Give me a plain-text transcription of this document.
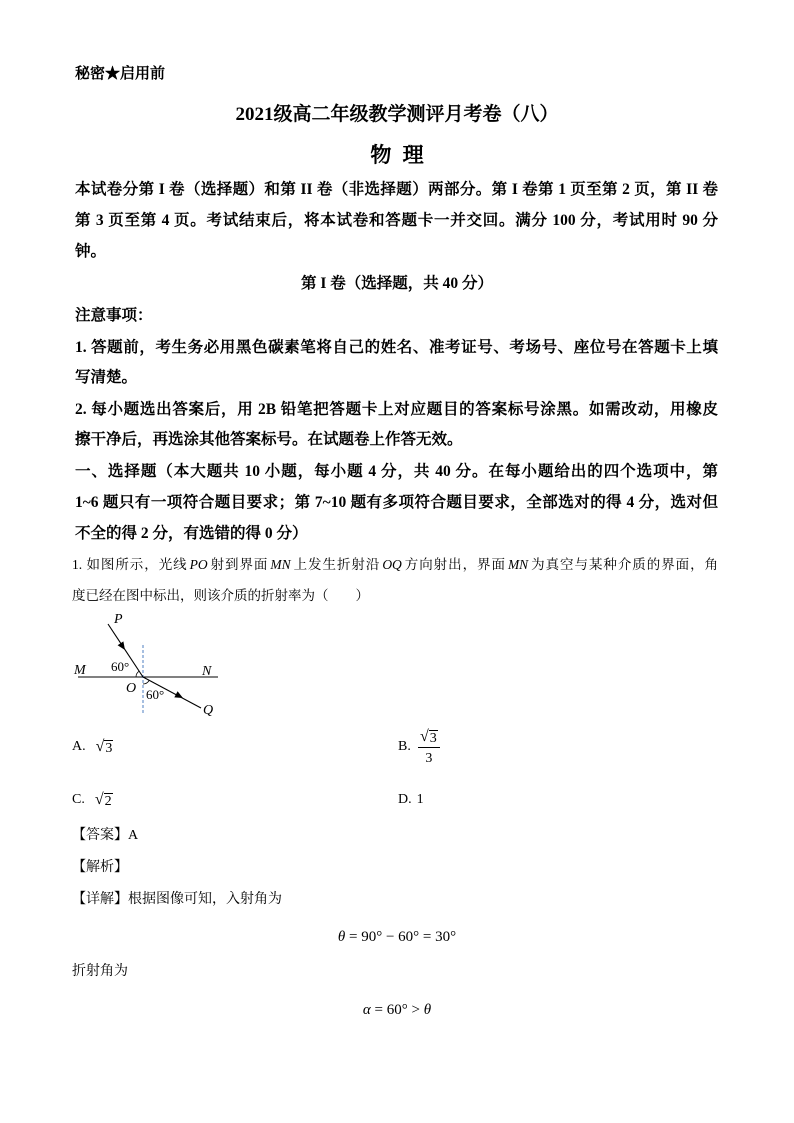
秘密★启用前
2021级高二年级教学测评月考卷（八）
物 理
本试卷分第 I 卷（选择题）和第 II 卷（非选择题）两部分。第 I 卷第 1 页至第 2 页，第 II 卷
第 3 页至第 4 页。考试结束后，将本试卷和答题卡一并交回。满分 100 分，考试用时 90 分
钟。
第 I 卷（选择题，共 40 分）
注意事项：
1. 答题前，考生务必用黑色碳素笔将自己的姓名、准考证号、考场号、座位号在答题卡上填
写清楚。
2. 每小题选出答案后，用 2B 铅笔把答题卡上对应题目的答案标号涂黑。如需改动，用橡皮
擦干净后，再选涂其他答案标号。在试题卷上作答无效。
一、选择题（本大题共 10 小题，每小题 4 分，共 40 分。在每小题给出的四个选项中，第
1~6 题只有一项符合题目要求；第 7~10 题有多项符合题目要求，全部选对的得 4 分，选对但
不全的得 2 分，有选错的得 0 分）
1. 如图所示，光线 PO 射到界面 MN 上发生折射沿 OQ 方向射出，界面 MN 为真空与某种介质的界面，角
度已经在图中标出，则该介质的折射率为（　　）
P
M 60°	N
O 60°
Q
A. √ 3	B. $\frac{√ 3}{3}$
C. √ 2	D. 1
【答案】A
【解析】
【详解】根据图像可知，入射角为
θ = 90° − 60° = 30°
折射角为
α = 60° > θ
